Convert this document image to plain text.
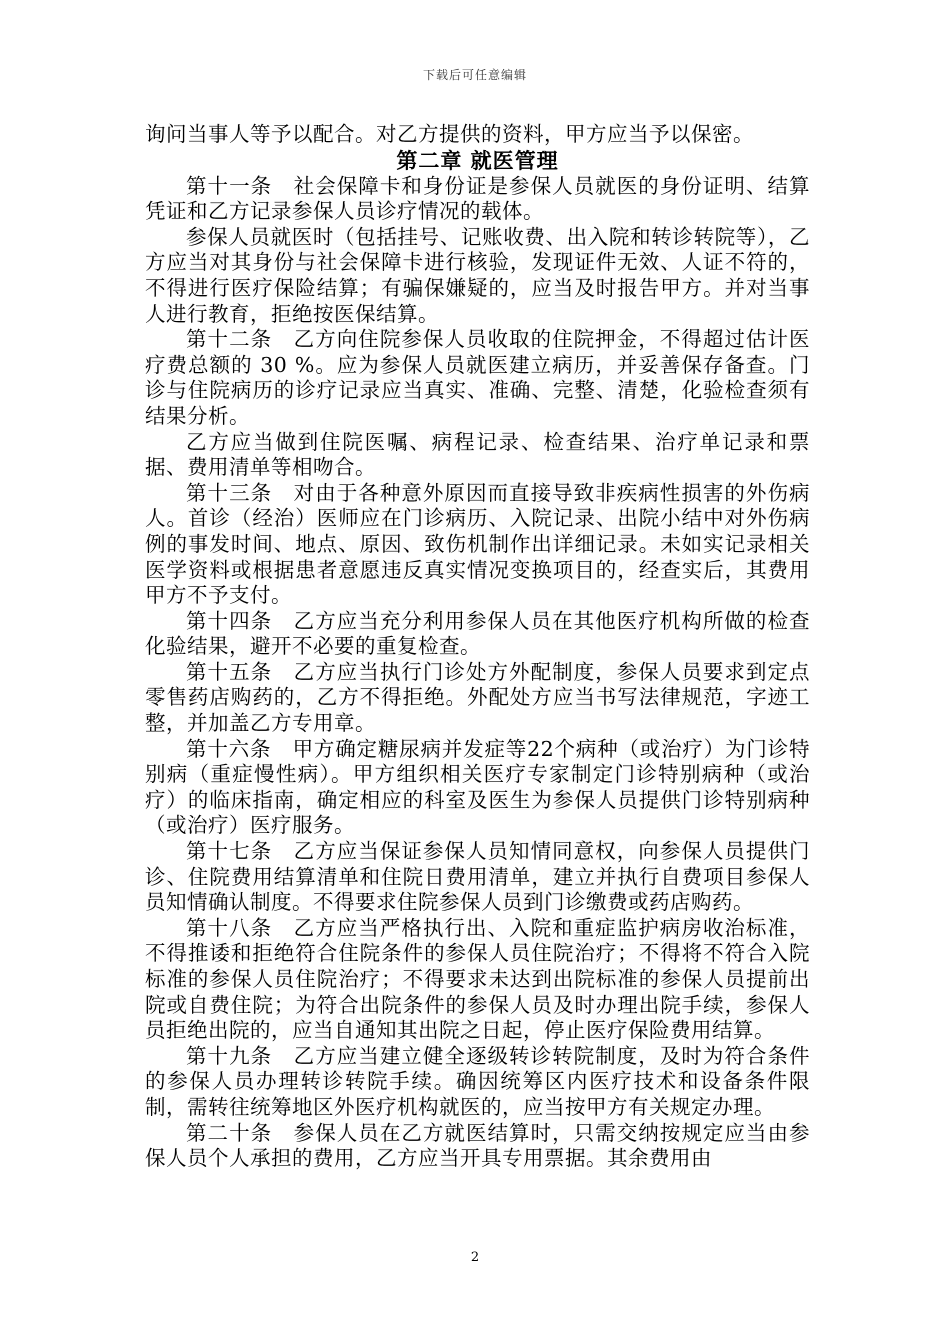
下载后可任意编辑

询问当事人等予以配合。对乙方提供的资料，甲方应当予以保密。

第二章 就医管理

第十一条　社会保障卡和身份证是参保人员就医的身份证明、结算凭证和乙方记录参保人员诊疗情况的载体。

参保人员就医时（包括挂号、记账收费、出入院和转诊转院等），乙方应当对其身份与社会保障卡进行核验，发现证件无效、人证不符的，不得进行医疗保险结算；有骗保嫌疑的，应当及时报告甲方。并对当事人进行教育，拒绝按医保结算。

第十二条　乙方向住院参保人员收取的住院押金，不得超过估计医疗费总额的 30 %。应为参保人员就医建立病历，并妥善保存备查。门诊与住院病历的诊疗记录应当真实、准确、完整、清楚，化验检查须有结果分析。

乙方应当做到住院医嘱、病程记录、检查结果、治疗单记录和票据、费用清单等相吻合。

第十三条　对由于各种意外原因而直接导致非疾病性损害的外伤病人。首诊（经治）医师应在门诊病历、入院记录、出院小结中对外伤病例的事发时间、地点、原因、致伤机制作出详细记录。未如实记录相关医学资料或根据患者意愿违反真实情况变换项目的，经查实后，其费用甲方不予支付。

第十四条　乙方应当充分利用参保人员在其他医疗机构所做的检查化验结果，避开不必要的重复检查。

第十五条　乙方应当执行门诊处方外配制度，参保人员要求到定点零售药店购药的，乙方不得拒绝。外配处方应当书写法律规范，字迹工整，并加盖乙方专用章。

第十六条　甲方确定糖尿病并发症等22个病种（或治疗）为门诊特别病（重症慢性病）。甲方组织相关医疗专家制定门诊特别病种（或治疗）的临床指南，确定相应的科室及医生为参保人员提供门诊特别病种（或治疗）医疗服务。

第十七条　乙方应当保证参保人员知情同意权，向参保人员提供门诊、住院费用结算清单和住院日费用清单，建立并执行自费项目参保人员知情确认制度。不得要求住院参保人员到门诊缴费或药店购药。

第十八条　乙方应当严格执行出、入院和重症监护病房收治标准，不得推诿和拒绝符合住院条件的参保人员住院治疗；不得将不符合入院标准的参保人员住院治疗；不得要求未达到出院标准的参保人员提前出院或自费住院；为符合出院条件的参保人员及时办理出院手续，参保人员拒绝出院的，应当自通知其出院之日起，停止医疗保险费用结算。

第十九条　乙方应当建立健全逐级转诊转院制度，及时为符合条件的参保人员办理转诊转院手续。确因统筹区内医疗技术和设备条件限制，需转往统筹地区外医疗机构就医的，应当按甲方有关规定办理。

第二十条　参保人员在乙方就医结算时，只需交纳按规定应当由参保人员个人承担的费用，乙方应当开具专用票据。其余费用由

2
